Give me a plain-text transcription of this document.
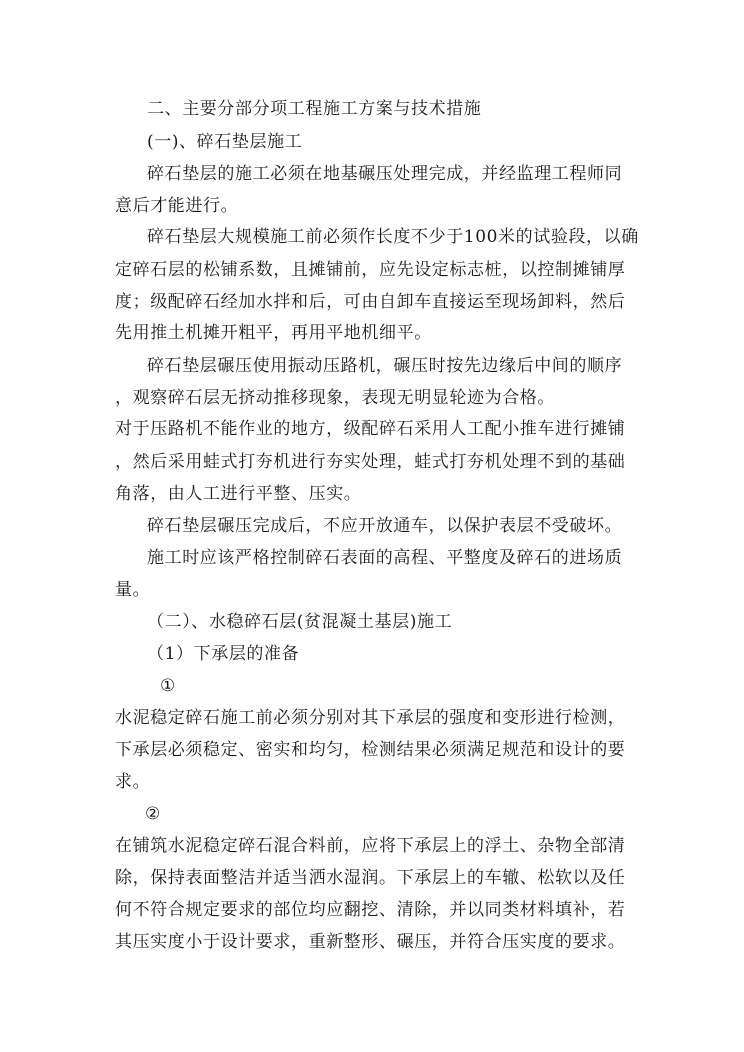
二、主要分部分项工程施工方案与技术措施
(一)、碎石垫层施工
碎石垫层的施工必须在地基碾压处理完成，并经监理工程师同
意后才能进行。
碎石垫层大规模施工前必须作长度不少于100米的试验段，以确
定碎石层的松铺系数，且摊铺前，应先设定标志桩，以控制摊铺厚
度；级配碎石经加水拌和后，可由自卸车直接运至现场卸料，然后
先用推土机摊开粗平，再用平地机细平。
碎石垫层碾压使用振动压路机，碾压时按先边缘后中间的顺序
，观察碎石层无挤动推移现象，表现无明显轮迹为合格。
对于压路机不能作业的地方，级配碎石采用人工配小推车进行摊铺
，然后采用蛙式打夯机进行夯实处理，蛙式打夯机处理不到的基础
角落，由人工进行平整、压实。
碎石垫层碾压完成后，不应开放通车，以保护表层不受破坏。
施工时应该严格控制碎石表面的高程、平整度及碎石的进场质
量。
（二）、水稳碎石层(贫混凝土基层)施工
（1）下承层的准备
①
水泥稳定碎石施工前必须分别对其下承层的强度和变形进行检测，
下承层必须稳定、密实和均匀，检测结果必须满足规范和设计的要
求。
②
在铺筑水泥稳定碎石混合料前，应将下承层上的浮土、杂物全部清
除，保持表面整洁并适当洒水湿润。下承层上的车辙、松软以及任
何不符合规定要求的部位均应翻挖、清除，并以同类材料填补，若
其压实度小于设计要求，重新整形、碾压，并符合压实度的要求。
